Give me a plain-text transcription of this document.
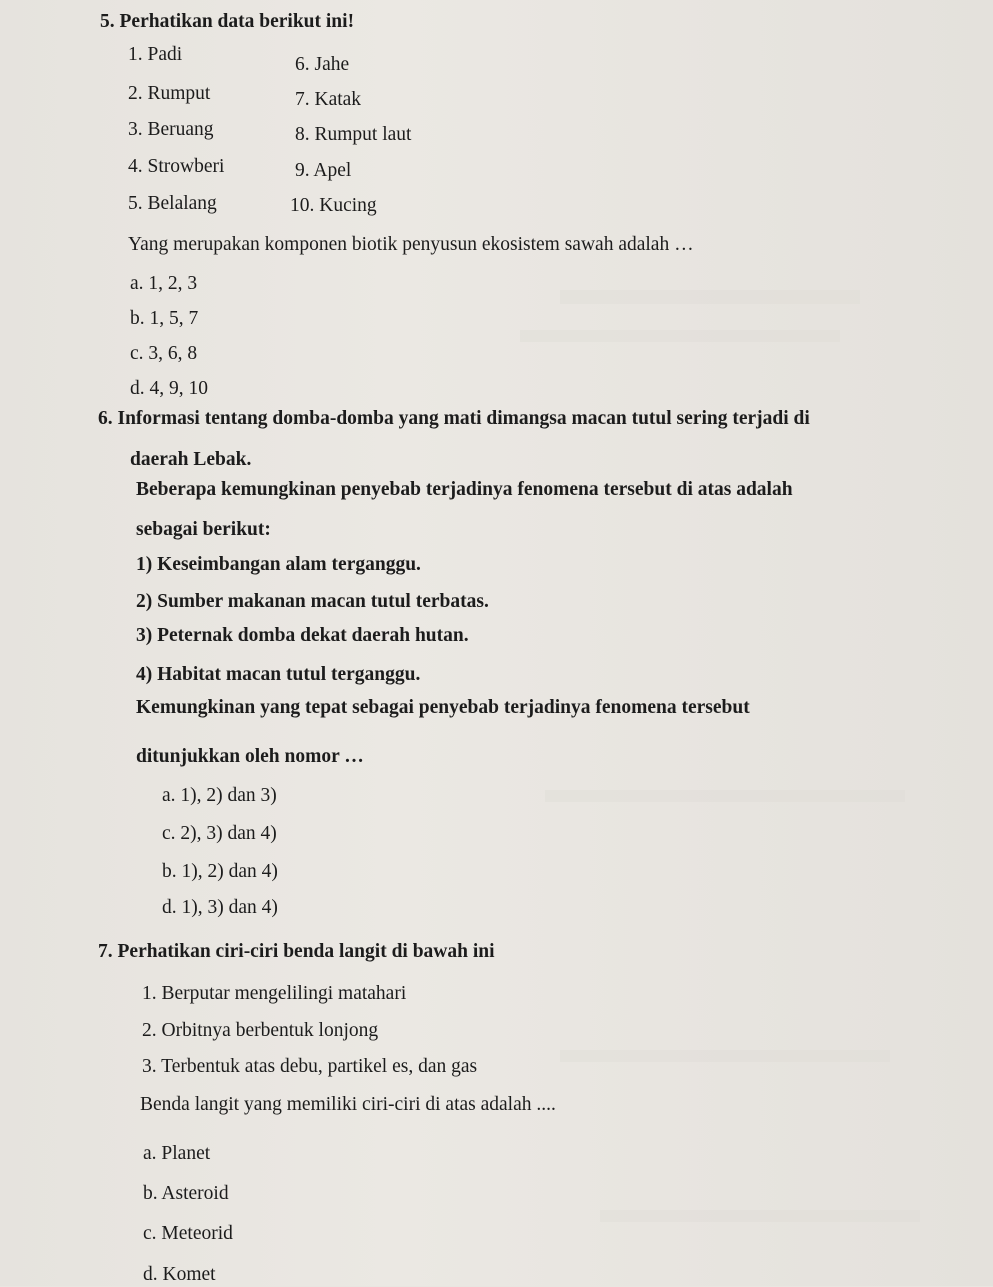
5. Perhatikan data berikut ini!
1. Padi
2. Rumput
3. Beruang
4. Strowberi
5. Belalang
6. Jahe
7. Katak
8. Rumput laut
9. Apel
10. Kucing
Yang merupakan komponen biotik penyusun ekosistem sawah adalah …
a. 1, 2, 3
b. 1, 5, 7
c. 3, 6, 8
d. 4, 9, 10
6. Informasi tentang domba-domba yang mati dimangsa macan tutul sering terjadi di
daerah Lebak.
Beberapa kemungkinan penyebab terjadinya fenomena tersebut di atas adalah
sebagai berikut:
1) Keseimbangan alam terganggu.
2) Sumber makanan macan tutul terbatas.
3) Peternak domba dekat daerah hutan.
4) Habitat macan tutul terganggu.
Kemungkinan yang tepat sebagai penyebab terjadinya fenomena tersebut
ditunjukkan oleh nomor …
a. 1), 2) dan 3)
c. 2), 3) dan 4)
b. 1), 2) dan 4)
d. 1), 3) dan 4)
7. Perhatikan ciri-ciri benda langit di bawah ini
1. Berputar mengelilingi matahari
2. Orbitnya berbentuk lonjong
3. Terbentuk atas debu, partikel es, dan gas
Benda langit yang memiliki ciri-ciri di atas adalah ....
a. Planet
b. Asteroid
c. Meteorid
d. Komet
